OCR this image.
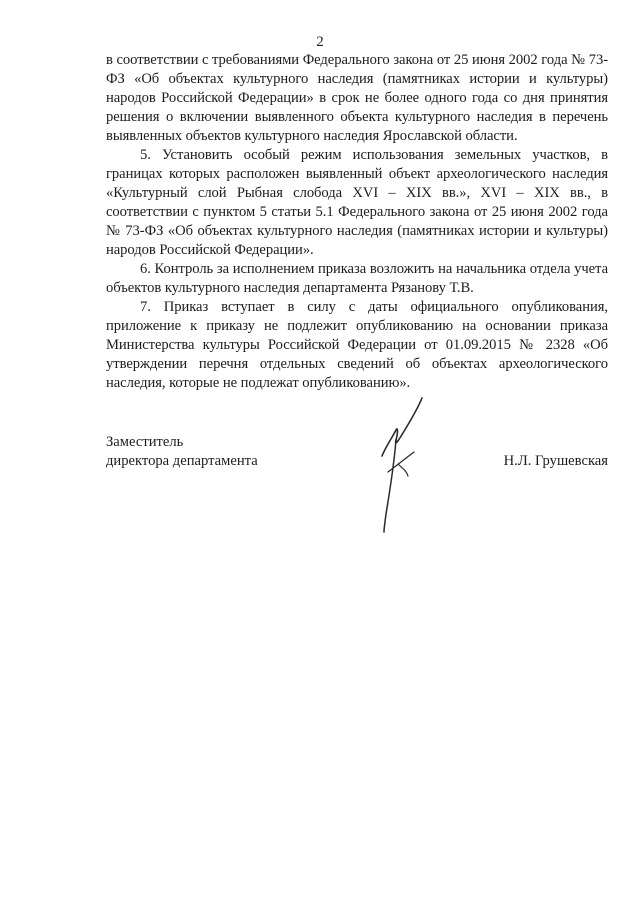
2

в соответствии с требованиями Федерального закона от 25 июня 2002 года № 73-ФЗ «Об объектах культурного наследия (памятниках истории и культуры) народов Российской Федерации» в срок не более одного года со дня принятия решения о включении выявленного объекта культурного наследия в перечень выявленных объектов культурного наследия Ярославской области.

5. Установить особый режим использования земельных участков, в границах которых расположен выявленный объект археологического наследия «Культурный слой Рыбная слобода XVI – XIX вв.», XVI – XIX вв., в соответствии с пунктом 5 статьи 5.1 Федерального закона от 25 июня 2002 года № 73-ФЗ «Об объектах культурного наследия (памятниках истории и культуры) народов Российской Федерации».

6. Контроль за исполнением приказа возложить на начальника отдела учета объектов культурного наследия департамента Рязанову Т.В.

7. Приказ вступает в силу с даты официального опубликования, приложение к приказу не подлежит опубликованию на основании приказа Министерства культуры Российской Федерации от 01.09.2015 № 2328 «Об утверждении перечня отдельных сведений об объектах археологического наследия, которые не подлежат опубликованию».

Заместитель
директора департамента	Н.Л. Грушевская
